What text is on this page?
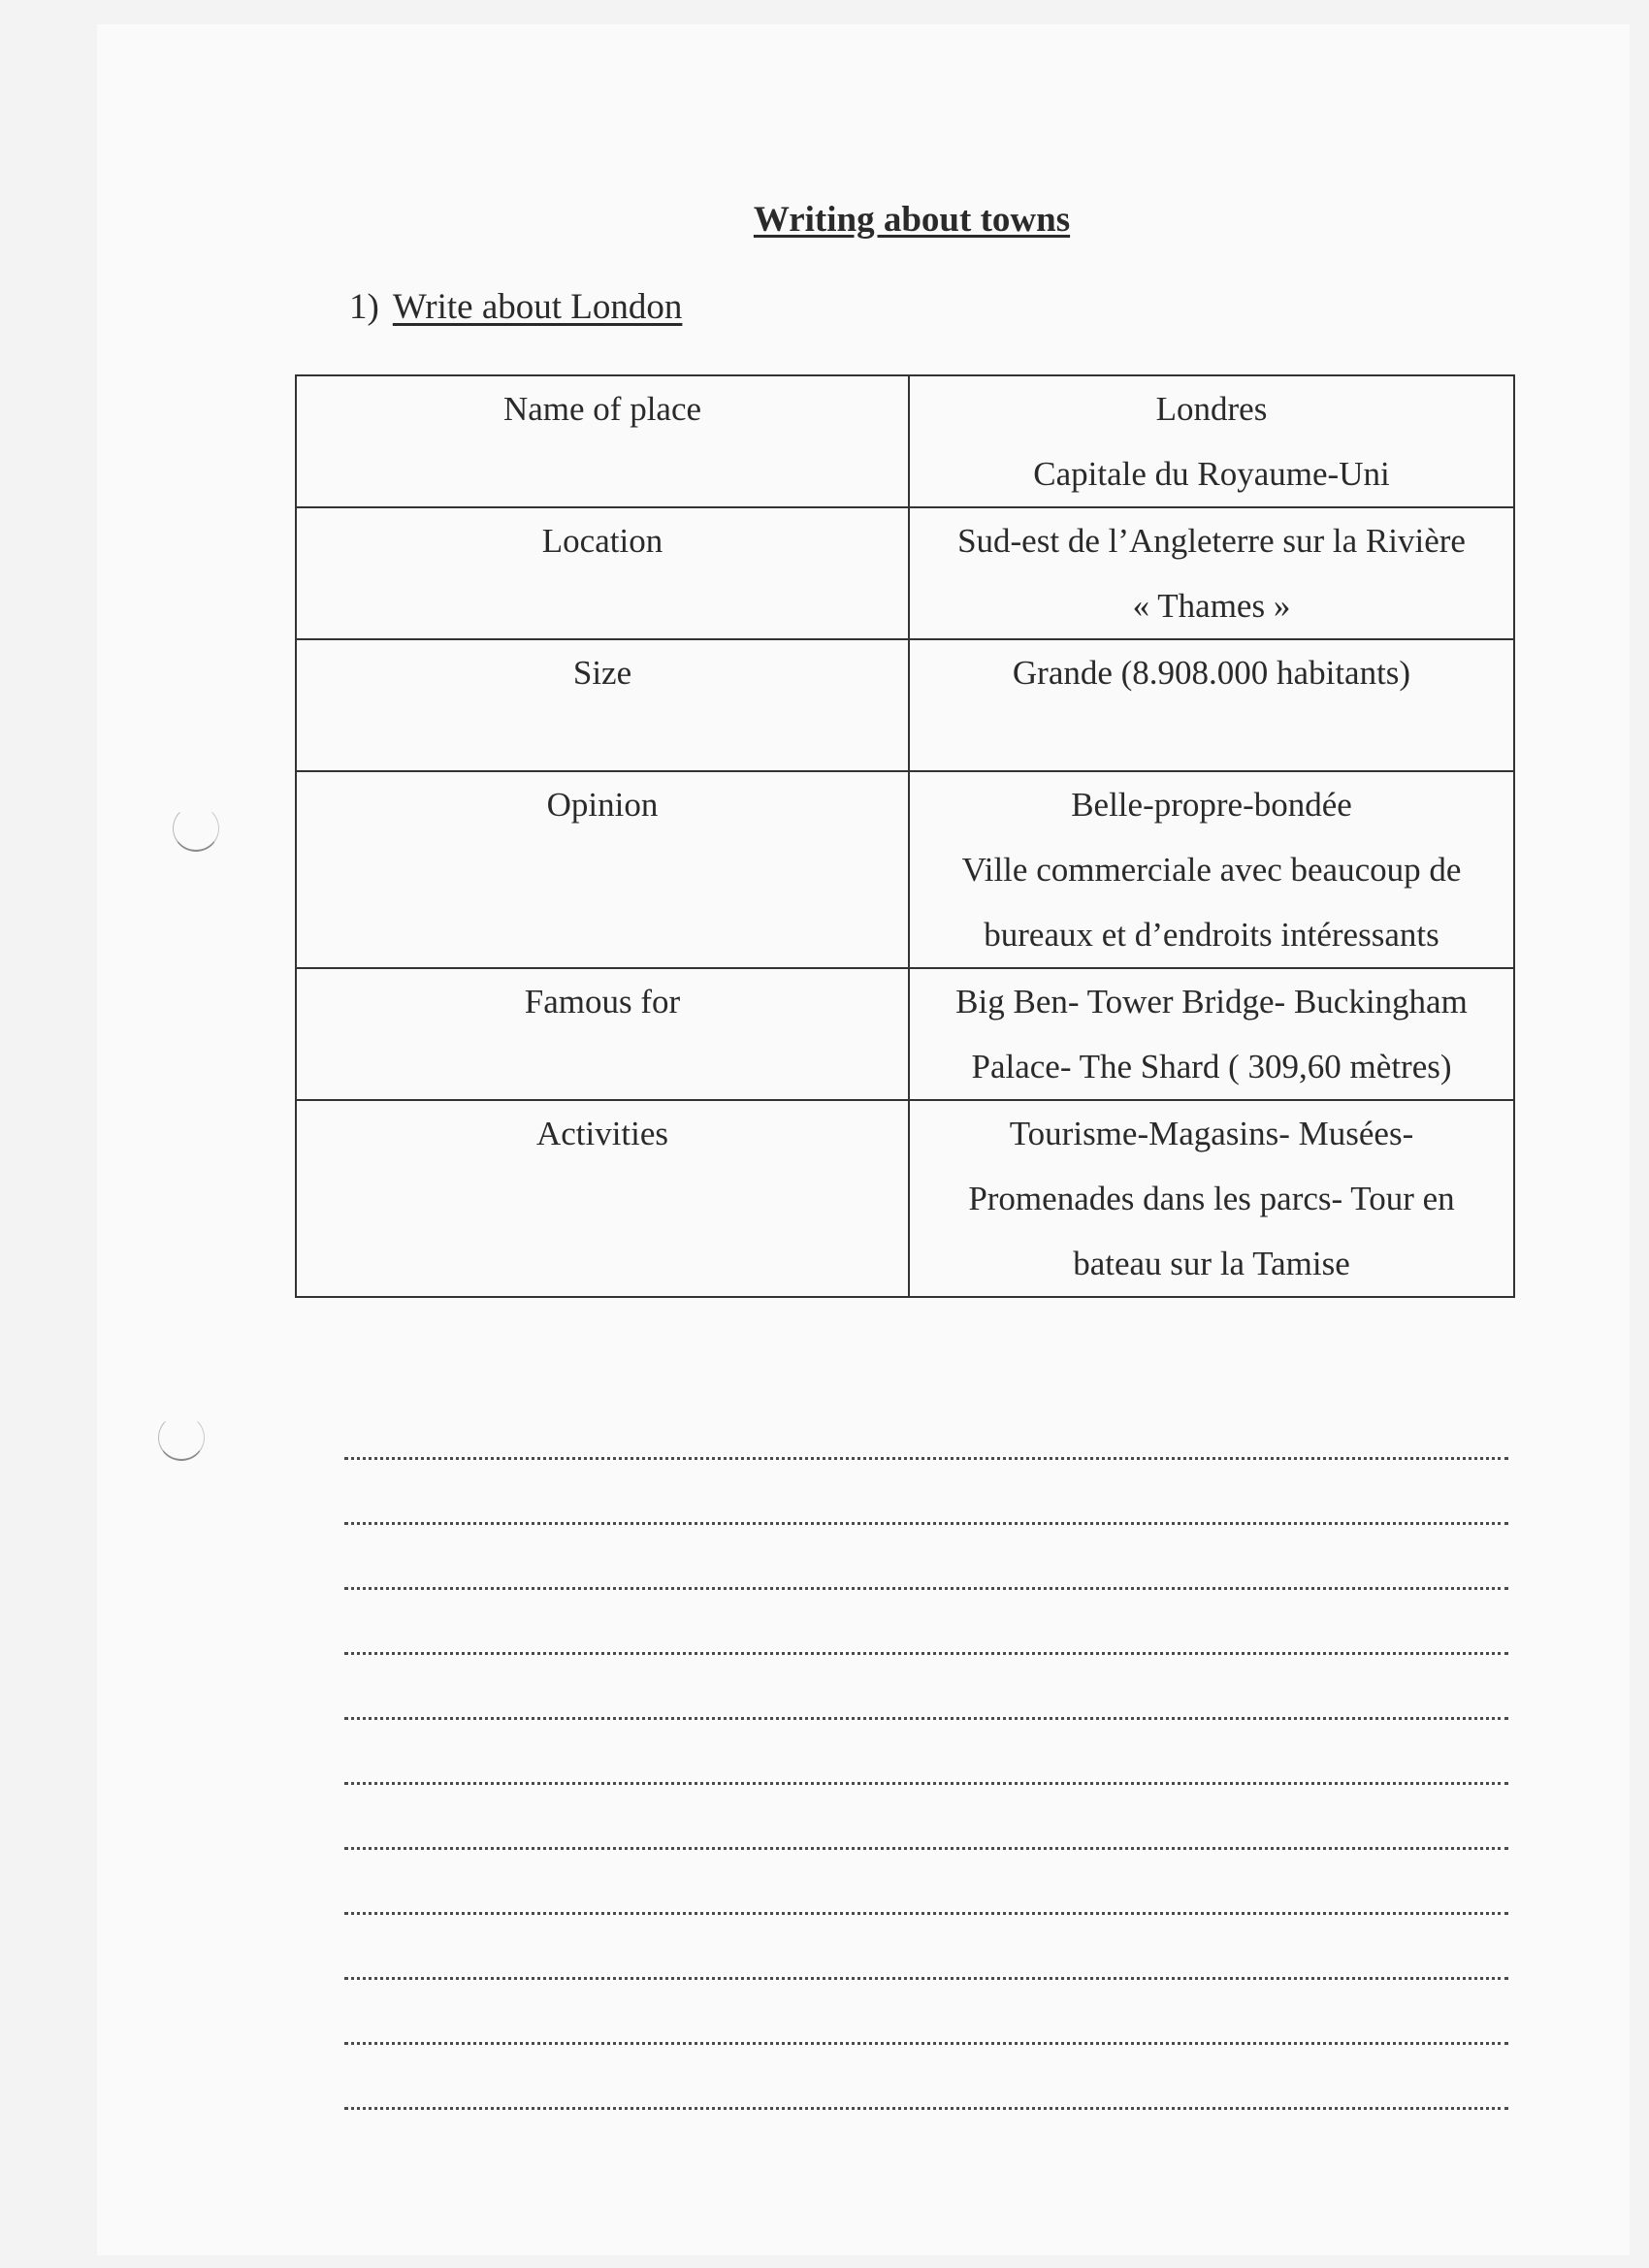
Writing about towns

1) Write about London

Name of place	Londres
Capitale du Royaume-Uni

Location	Sud-est de l’Angleterre sur la Rivière
« Thames »

Size	Grande (8.908.000 habitants)

Opinion	Belle-propre-bondée
Ville commerciale avec beaucoup de
bureaux et d’endroits intéressants

Famous for	Big Ben- Tower Bridge- Buckingham
Palace- The Shard ( 309,60 mètres)

Activities	Tourisme-Magasins- Musées-
Promenades dans les parcs- Tour en
bateau sur la Tamise
